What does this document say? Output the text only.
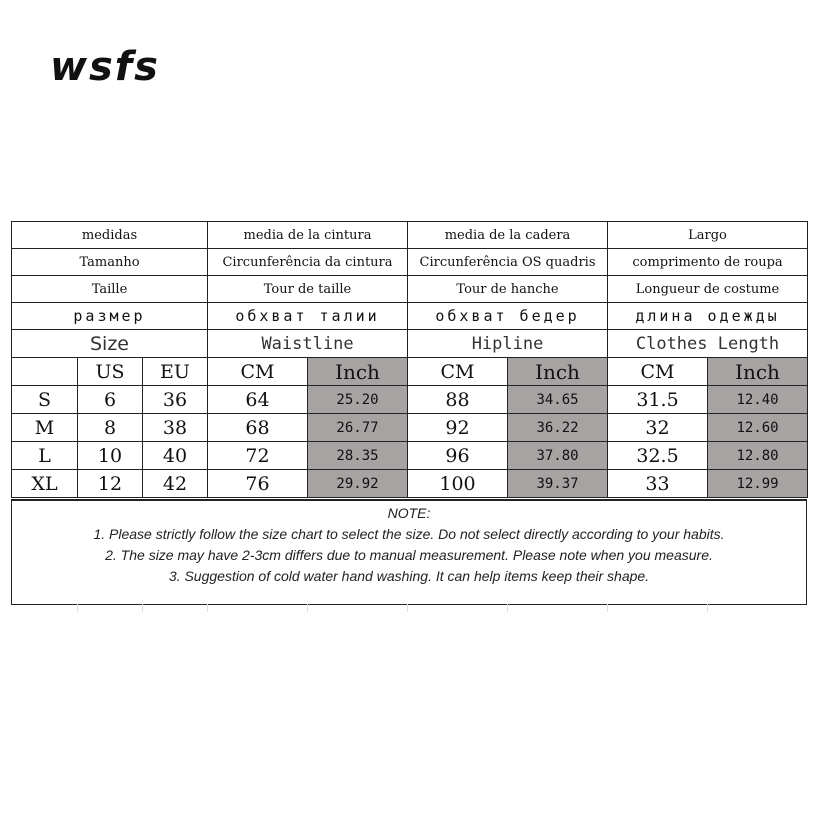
wsfs
medidas			media de la cintura		media de la cadera		Largo	
Tamanho			Circunferência da cintura		Circunferência OS quadris		comprimento de roupa	
Taille			Tour de taille		Tour de hanche		Longueur de costume	
размер			обхват талии		обхват бедер		длина одежды	
Size			Waistline		Hipline		Clothes Length	
	US	EU	CM	Inch	CM	Inch	CM	Inch
S	6	36	64	25.20	88	34.65	31.5	12.40
M	8	38	68	26.77	92	36.22	32	12.60
L	10	40	72	28.35	96	37.80	32.5	12.80
XL	12	42	76	29.92	100	39.37	33	12.99
NOTE:
1. Please strictly follow the size chart to select the size. Do not select directly according to your habits.
2. The size may have 2-3cm differs due to manual measurement. Please note when you measure.
3. Suggestion of cold water hand washing. It can help items keep their shape.
